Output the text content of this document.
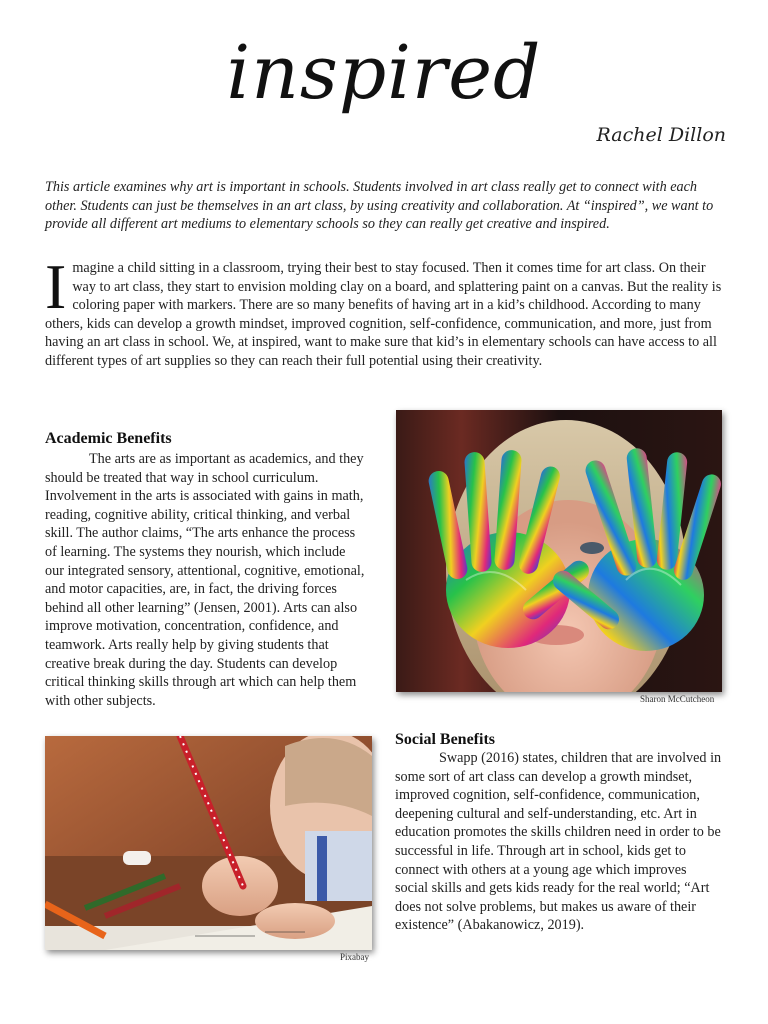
inspired
Rachel Dillon

This article examines why art is important in schools. Students involved in art class really get to connect with each other. Students can just be themselves in an art class, by using creativity and collaboration. At “inspired”, we want to provide all different art mediums to elementary schools so they can really get creative and inspired.

I magine a child sitting in a classroom, trying their best to stay focused. Then it comes time for art class. On their way to art class, they start to envision molding clay on a board, and splattering paint on a canvas. But the reality is coloring paper with markers. There are so many benefits of having art in a kid’s childhood. According to many others, kids can develop a growth mindset, improved cognition, self-confidence, communication, and more, just from having an art class in school. We, at inspired, want to make sure that kid’s in elementary schools can have access to all different types of art supplies so they can reach their full potential using their creativity.
Academic Benefits

The arts are as important as academics, and they should be treated that way in school curriculum. Involvement in the arts is associated with gains in math, reading, cognitive ability, critical thinking, and verbal skill. The author claims, “The arts enhance the process of learning. The systems they nourish, which include our integrated sensory, attentional, cognitive, emotional, and motor capacities, are, in fact, the driving forces behind all other learning” (Jensen, 2001). Arts can also improve motivation, concentration, confidence, and teamwork. Arts really help by giving students that creative break during the day. Students can develop critical thinking skills through art which can help them with other subjects.	Sharon McCutcheon
Pixabay
Social Benefits

Swapp (2016) states, children that are involved in some sort of art class can develop a growth mindset, improved cognition, self-confidence, communication, deepening cultural and self-understanding, etc. Art in education promotes the skills children need in order to be successful in life. Through art in school, kids get to connect with others at a young age which improves social skills and gets kids ready for the real world; “Art does not solve problems, but makes us aware of their existence” (Abakanowicz, 2019).
